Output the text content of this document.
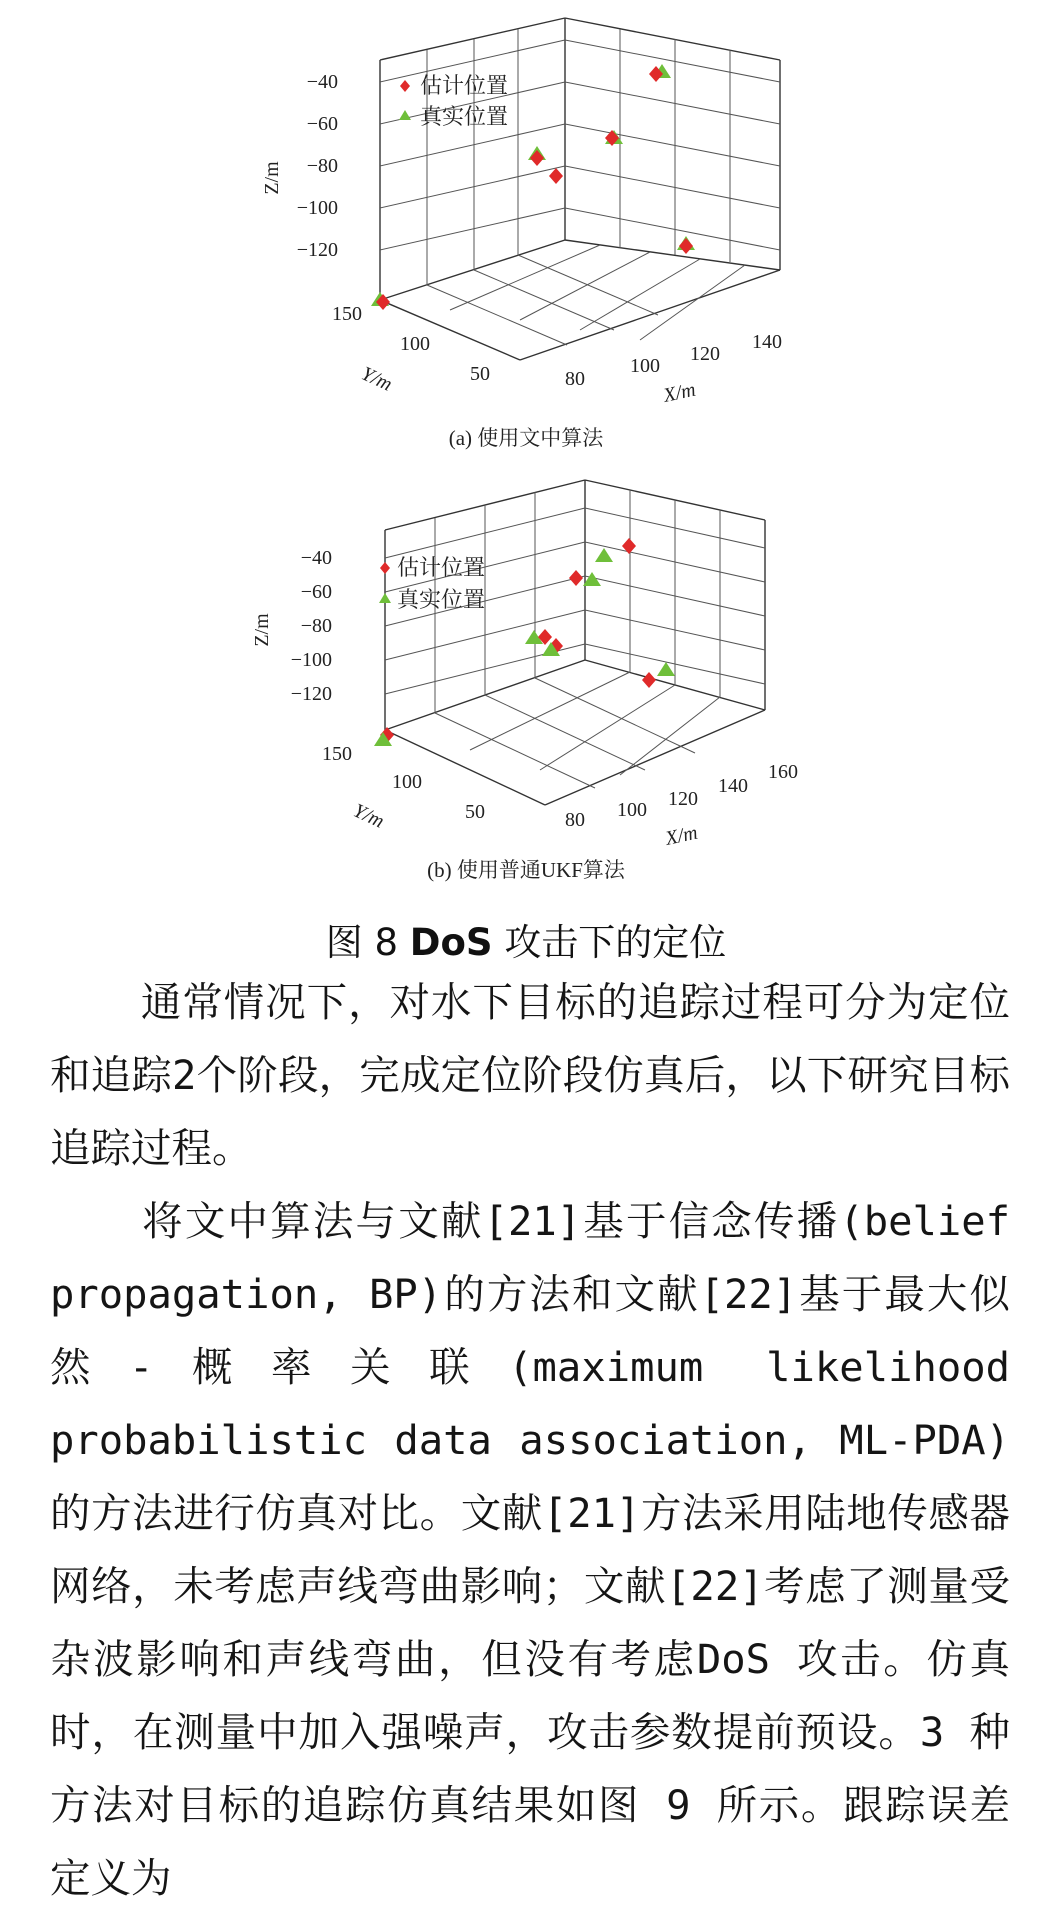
−40
−60
−80
−100
−120
Z/m
150
100
50
Y/m	80
100
120
140
X/m
估计位置
真实位置
(a) 使用文中算法
−40
−60
−80
−100
−120
Z/m
150
100
50
Y/m	80 100 120
140
160
X/m
估计位置
真实位置
(b) 使用普通UKF算法
图 8 DoS 攻击下的定位

通常情况下，对水下目标的追踪过程可分为定位和追踪2个阶段，完成定位阶段仿真后，以下研究目标追踪过程。

将文中算法与文献[21]基于信念传播(belief propagation, BP)的方法和文献[22]基于最大似然-概率关联(maximum likelihood probabilistic data association, ML-PDA)的方法进行仿真对比。文献[21]方法采用陆地传感器网络，未考虑声线弯曲影响；文献[22]考虑了测量受杂波影响和声线弯曲，但没有考虑DoS 攻击。仿真时，在测量中加入强噪声，攻击参数提前预设。3 种方法对目标的追踪仿真结果如图 9 所示。跟踪误差定义为
